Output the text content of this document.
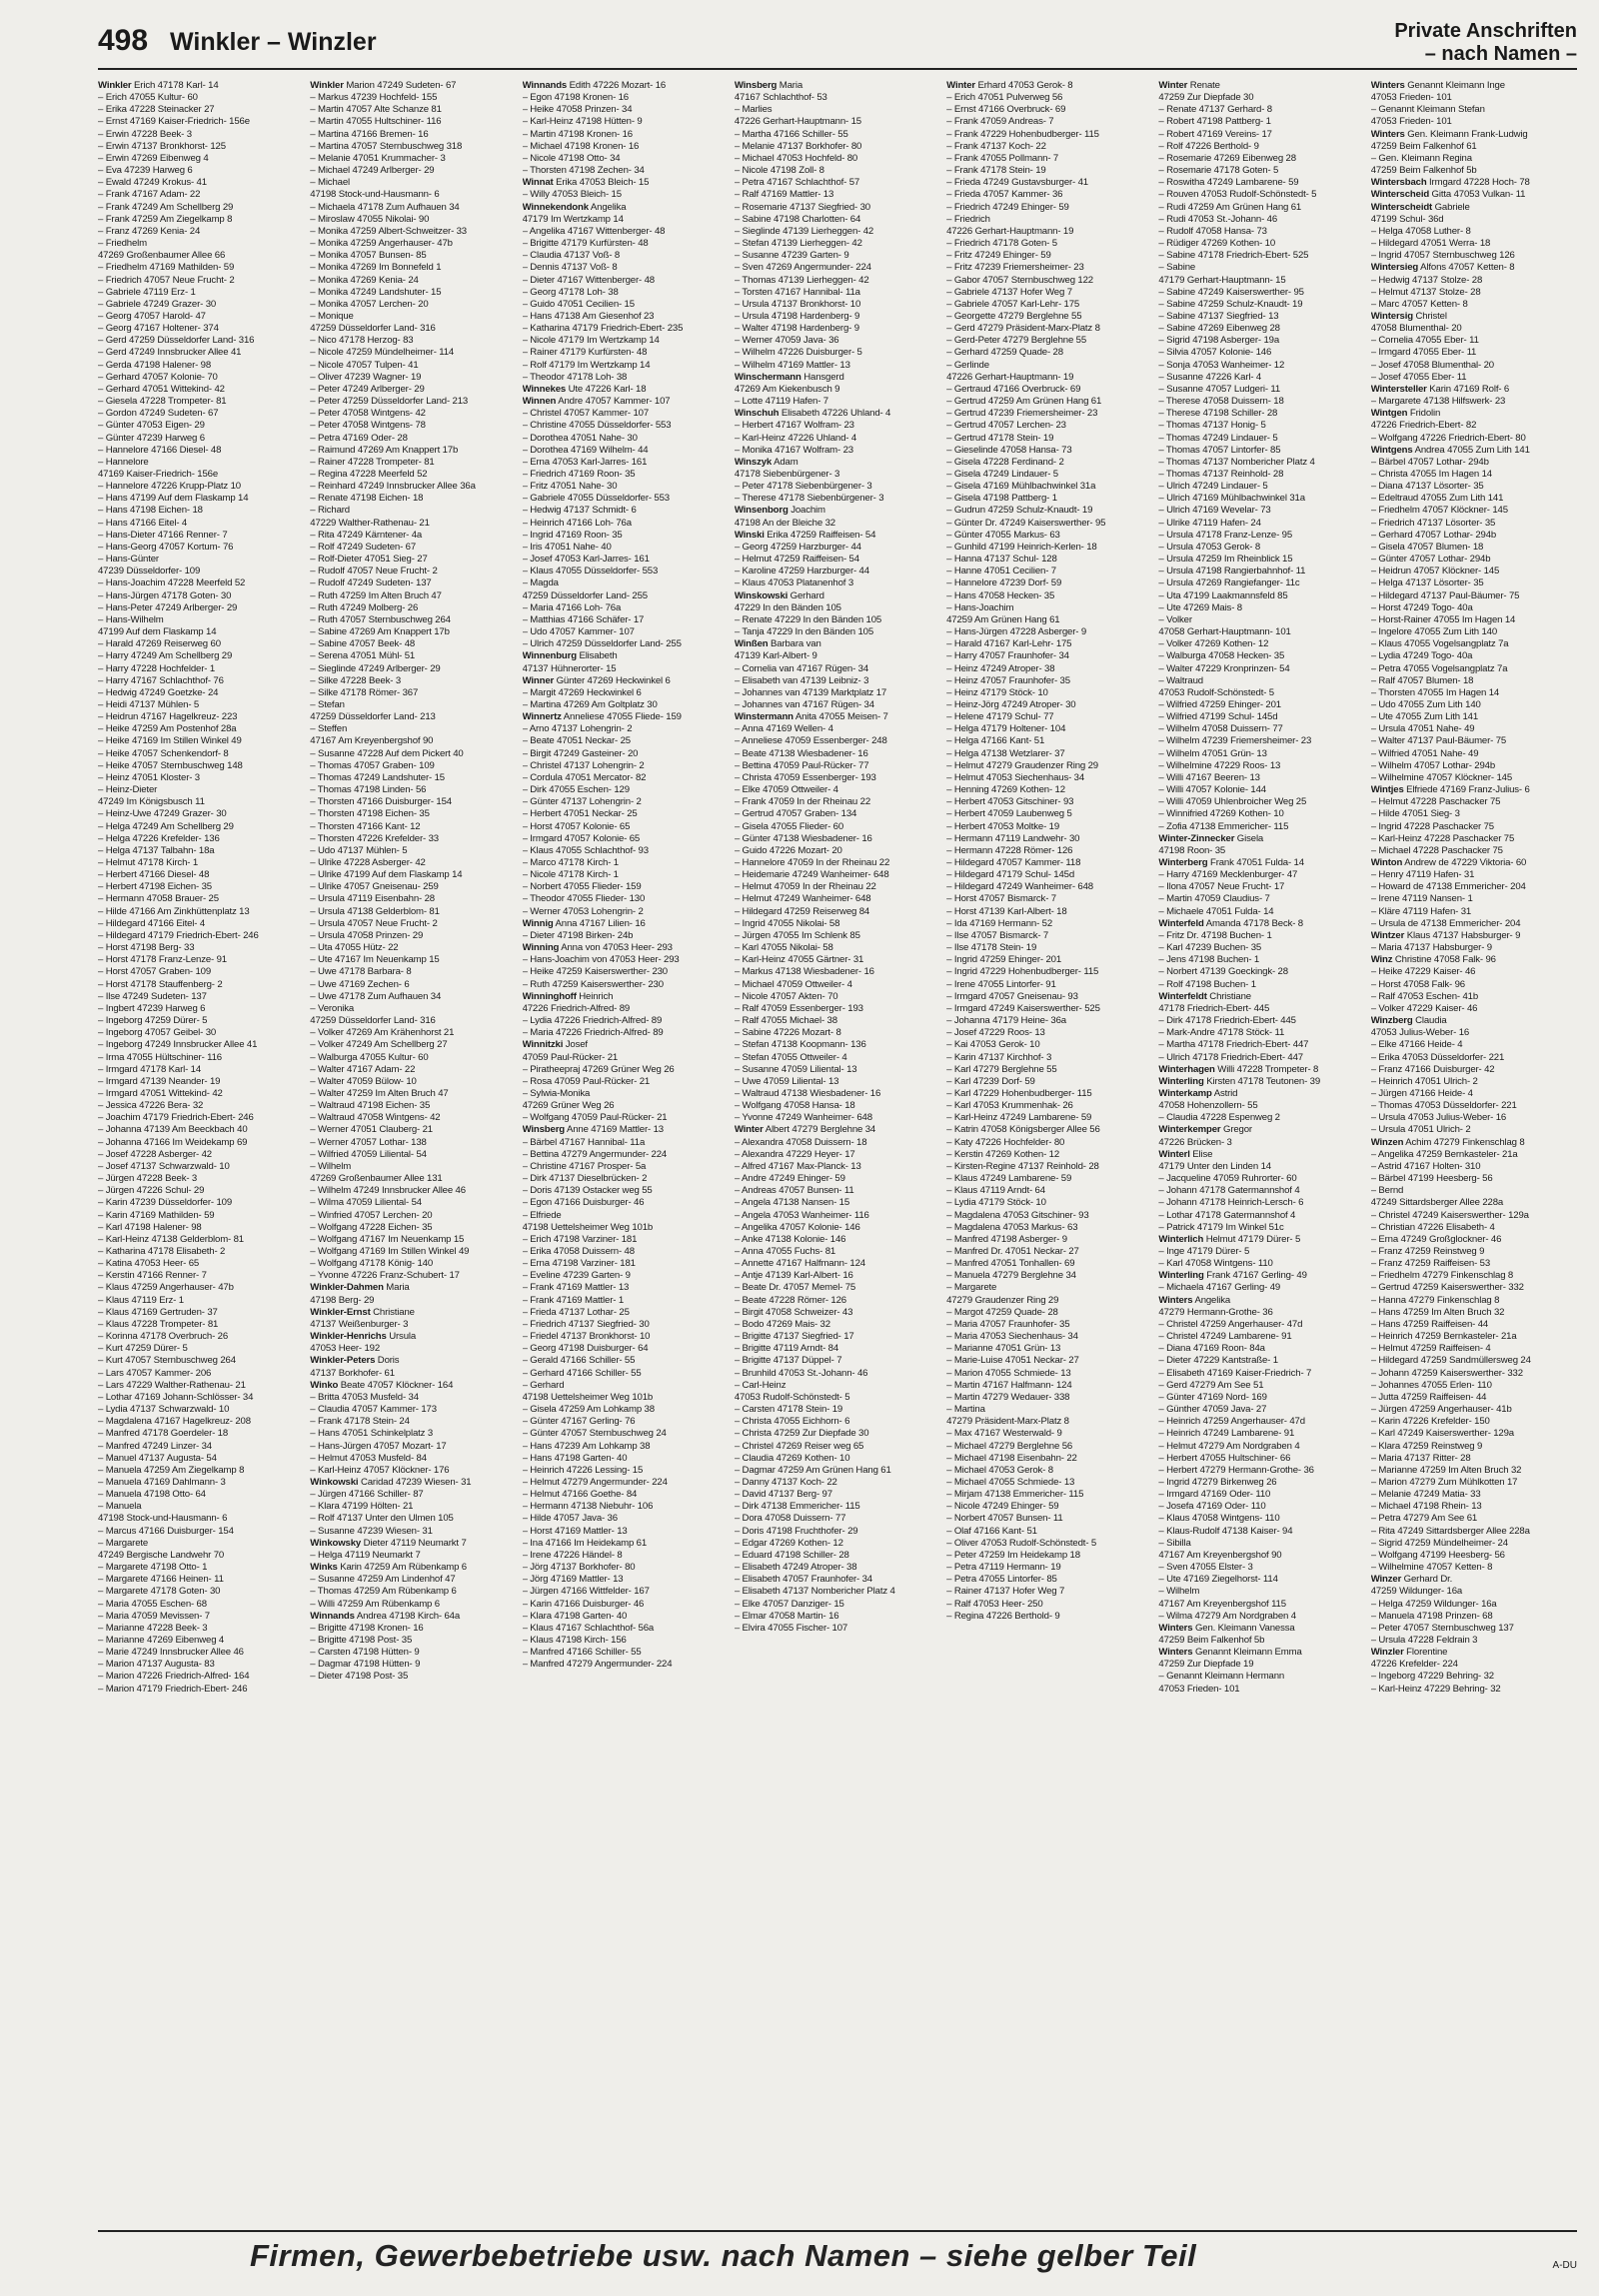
498 Winkler – Winzler	Private Anschriften
– nach Namen –
Winkler Erich 47178 Karl- 14
– Erich 47055 Kultur- 60
– Erika 47228 Steinacker 27
– Ernst 47169 Kaiser-Friedrich- 156e
– Erwin 47228 Beek- 3
– Erwin 47137 Bronkhorst- 125
– Erwin 47269 Eibenweg 4
– Eva 47239 Harweg 6
– Ewald 47249 Krokus- 41
– Frank 47167 Adam- 22
– Frank 47249 Am Schellberg 29
– Frank 47259 Am Ziegelkamp 8
– Franz 47269 Kenia- 24
– Friedhelm
47269 Großenbaumer Allee 66
– Friedhelm 47169 Mathilden- 59
– Friedrich 47057 Neue Frucht- 2
– Gabriele 47119 Erz- 1
– Gabriele 47249 Grazer- 30
– Georg 47057 Harold- 47
– Georg 47167 Holtener- 374
– Gerd 47259 Düsseldorfer Land- 316
– Gerd 47249 Innsbrucker Allee 41
– Gerda 47198 Halener- 98
– Gerhard 47057 Kolonie- 70
– Gerhard 47051 Wittekind- 42
– Giesela 47228 Trompeter- 81
– Gordon 47249 Sudeten- 67
– Günter 47053 Eigen- 29
– Günter 47239 Harweg 6
– Hannelore 47166 Diesel- 48
– Hannelore
47169 Kaiser-Friedrich- 156e
– Hannelore 47226 Krupp-Platz 10
– Hans 47199 Auf dem Flaskamp 14
– Hans 47198 Eichen- 18
– Hans 47166 Eitel- 4
– Hans-Dieter 47166 Renner- 7
– Hans-Georg 47057 Kortum- 76
– Hans-Günter
47239 Düsseldorfer- 109
– Hans-Joachim 47228 Meerfeld 52
– Hans-Jürgen 47178 Goten- 30
– Hans-Peter 47249 Arlberger- 29
– Hans-Wilhelm
47199 Auf dem Flaskamp 14
– Harald 47269 Reiserweg 60
– Harry 47249 Am Schellberg 29
– Harry 47228 Hochfelder- 1
– Harry 47167 Schlachthof- 76
– Hedwig 47249 Goetzke- 24
– Heidi 47137 Mühlen- 5
– Heidrun 47167 Hagelkreuz- 223
– Heike 47259 Am Postenhof 28a
– Heike 47169 Im Stillen Winkel 49
– Heike 47057 Schenkendorf- 8
– Heike 47057 Sternbuschweg 148
– Heinz 47051 Kloster- 3
– Heinz-Dieter
47249 Im Königsbusch 11
– Heinz-Uwe 47249 Grazer- 30
– Helga 47249 Am Schellberg 29
– Helga 47226 Krefelder- 136
– Helga 47137 Talbahn- 18a
– Helmut 47178 Kirch- 1
– Herbert 47166 Diesel- 48
– Herbert 47198 Eichen- 35
– Hermann 47058 Brauer- 25
– Hilde 47166 Am Zinkhüttenplatz 13
– Hildegard 47166 Eitel- 4
– Hildegard 47179 Friedrich-Ebert- 246
– Horst 47198 Berg- 33
– Horst 47178 Franz-Lenze- 91
– Horst 47057 Graben- 109
– Horst 47178 Stauffenberg- 2
– Ilse 47249 Sudeten- 137
– Ingbert 47239 Harweg 6
– Ingeborg 47259 Dürer- 5
– Ingeborg 47057 Geibel- 30
– Ingeborg 47249 Innsbrucker Allee 41
– Irma 47055 Hültschiner- 116
– Irmgard 47178 Karl- 14
– Irmgard 47139 Neander- 19
– Irmgard 47051 Wittekind- 42
– Jessica 47226 Bera- 32
– Joachim 47179 Friedrich-Ebert- 246
– Johanna 47139 Am Beeckbach 40
– Johanna 47166 Im Weidekamp 69
– Josef 47228 Asberger- 42
– Josef 47137 Schwarzwald- 10
– Jürgen 47228 Beek- 3
– Jürgen 47226 Schul- 29
– Karin 47239 Düsseldorfer- 109
– Karin 47169 Mathilden- 59
– Karl 47198 Halener- 98
– Karl-Heinz 47138 Gelderblom- 81
– Katharina 47178 Elisabeth- 2
– Katina 47053 Heer- 65
– Kerstin 47166 Renner- 7
– Klaus 47259 Angerhauser- 47b
– Klaus 47119 Erz- 1
– Klaus 47169 Gertruden- 37
– Klaus 47228 Trompeter- 81
– Korinna 47178 Overbruch- 26
– Kurt 47259 Dürer- 5
– Kurt 47057 Sternbuschweg 264
– Lars 47057 Kammer- 206
– Lars 47229 Walther-Rathenau- 21
– Lothar 47169 Johann-Schlösser- 34
– Lydia 47137 Schwarzwald- 10
– Magdalena 47167 Hagelkreuz- 208
– Manfred 47178 Goerdeler- 18
– Manfred 47249 Linzer- 34
– Manuel 47137 Augusta- 54
– Manuela 47259 Am Ziegelkamp 8
– Manuela 47169 Dahlmann- 3
– Manuela 47198 Otto- 64
– Manuela
47198 Stock-und-Hausmann- 6
– Marcus 47166 Duisburger- 154
– Margarete
47249 Bergische Landwehr 70
– Margarete 47198 Otto- 1
– Margarete 47166 Heinen- 11
– Margarete 47178 Goten- 30
– Maria 47055 Eschen- 68
– Maria 47059 Mevissen- 7
– Marianne 47228 Beek- 3
– Marianne 47269 Eibenweg 4
– Marie 47249 Innsbrucker Allee 46
– Marion 47137 Augusta- 83
– Marion 47226 Friedrich-Alfred- 164
– Marion 47179 Friedrich-Ebert- 246
Winkler Marion 47249 Sudeten- 67
– Markus 47239 Hochfeld- 155
– Martin 47057 Alte Schanze 81
– Martin 47055 Hultschiner- 116
– Martina 47166 Bremen- 16
– Martina 47057 Sternbuschweg 318
– Melanie 47051 Krummacher- 3
– Michael 47249 Arlberger- 29
– Michael
47198 Stock-und-Hausmann- 6
– Michaela 47178 Zum Aufhauen 34
– Miroslaw 47055 Nikolai- 90
– Monika 47259 Albert-Schweitzer- 33
– Monika 47259 Angerhauser- 47b
– Monika 47057 Bunsen- 85
– Monika 47269 Im Bonnefeld 1
– Monika 47269 Kenia- 24
– Monika 47249 Landshuter- 15
– Monika 47057 Lerchen- 20
– Monique
47259 Düsseldorfer Land- 316
– Nico 47178 Herzog- 83
– Nicole 47259 Mündelheimer- 114
– Nicole 47057 Tulpen- 41
– Oliver 47239 Wagner- 19
– Peter 47249 Arlberger- 29
– Peter 47259 Düsseldorfer Land- 213
– Peter 47058 Wintgens- 42
– Peter 47058 Wintgens- 78
– Petra 47169 Oder- 28
– Raimund 47269 Am Knappert 17b
– Rainer 47228 Trompeter- 81
– Regina 47228 Meerfeld 52
– Reinhard 47249 Innsbrucker Allee 36a
– Renate 47198 Eichen- 18
– Richard
47229 Walther-Rathenau- 21
– Rita 47249 Kärntener- 4a
– Rolf 47249 Sudeten- 67
– Rolf-Dieter 47051 Sieg- 27
– Rudolf 47057 Neue Frucht- 2
– Rudolf 47249 Sudeten- 137
– Ruth 47259 Im Alten Bruch 47
– Ruth 47249 Molberg- 26
– Ruth 47057 Sternbuschweg 264
– Sabine 47269 Am Knappert 17b
– Sabine 47057 Beek- 48
– Serena 47051 Mühl- 51
– Sieglinde 47249 Arlberger- 29
– Silke 47228 Beek- 3
– Silke 47178 Römer- 367
– Stefan
47259 Düsseldorfer Land- 213
– Steffen
47167 Am Kreyenbergshof 90
– Susanne 47228 Auf dem Pickert 40
– Thomas 47057 Graben- 109
– Thomas 47249 Landshuter- 15
– Thomas 47198 Linden- 56
– Thorsten 47166 Duisburger- 154
– Thorsten 47198 Eichen- 35
– Thorsten 47166 Kant- 12
– Thorsten 47226 Krefelder- 33
– Udo 47137 Mühlen- 5
– Ulrike 47228 Asberger- 42
– Ulrike 47199 Auf dem Flaskamp 14
– Ulrike 47057 Gneisenau- 259
– Ursula 47119 Eisenbahn- 28
– Ursula 47138 Gelderblom- 81
– Ursula 47057 Neue Frucht- 2
– Ursula 47058 Prinzen- 29
– Uta 47055 Hütz- 22
– Ute 47167 Im Neuenkamp 15
– Uwe 47178 Barbara- 8
– Uwe 47169 Zechen- 6
– Uwe 47178 Zum Aufhauen 34
– Veronika
47259 Düsseldorfer Land- 316
– Volker 47269 Am Krähenhorst 21
– Volker 47249 Am Schellberg 27
– Walburga 47055 Kultur- 60
– Walter 47167 Adam- 22
– Walter 47059 Bülow- 10
– Walter 47259 Im Alten Bruch 47
– Waltraud 47198 Eichen- 35
– Waltraud 47058 Wintgens- 42
– Werner 47051 Clauberg- 21
– Werner 47057 Lothar- 138
– Wilfried 47059 Liliental- 54
– Wilhelm
47269 Großenbaumer Allee 131
– Wilhelm 47249 Innsbrucker Allee 46
– Wilma 47059 Liliental- 54
– Winfried 47057 Lerchen- 20
– Wolfgang 47228 Eichen- 35
– Wolfgang 47167 Im Neuenkamp 15
– Wolfgang 47169 Im Stillen Winkel 49
– Wolfgang 47178 König- 140
– Yvonne 47226 Franz-Schubert- 17
Winkler-Dahmen Maria
47198 Berg- 29
Winkler-Ernst Christiane
47137 Weißenburger- 3
Winkler-Henrichs Ursula
47053 Heer- 192
Winkler-Peters Doris
47137 Borkhofer- 61
Winko Beate 47057 Klöckner- 164
– Britta 47053 Musfeld- 34
– Claudia 47057 Kammer- 173
– Frank 47178 Stein- 24
– Hans 47051 Schinkelplatz 3
– Hans-Jürgen 47057 Mozart- 17
– Helmut 47053 Musfeld- 84
– Karl-Heinz 47057 Klöckner- 176
Winkowski Caridad 47239 Wiesen- 31
– Jürgen 47166 Schiller- 87
– Klara 47199 Hölten- 21
– Rolf 47137 Unter den Ulmen 105
– Susanne 47239 Wiesen- 31
Winkowsky Dieter 47119 Neumarkt 7
– Helga 47119 Neumarkt 7
Winks Karin 47259 Am Rübenkamp 6
– Susanne 47259 Am Lindenhof 47
– Thomas 47259 Am Rübenkamp 6
– Willi 47259 Am Rübenkamp 6
Winnands Andrea 47198 Kirch- 64a
– Brigitte 47198 Kronen- 16
– Brigitte 47198 Post- 35
– Carsten 47198 Hütten- 9
– Dagmar 47198 Hütten- 9
– Dieter 47198 Post- 35
Winnands Edith 47226 Mozart- 16
– Egon 47198 Kronen- 16
– Heike 47058 Prinzen- 34
– Karl-Heinz 47198 Hütten- 9
– Martin 47198 Kronen- 16
– Michael 47198 Kronen- 16
– Nicole 47198 Otto- 34
– Thorsten 47198 Zechen- 34
Winnat Erika 47053 Bleich- 15
– Willy 47053 Bleich- 15
Winnekendonk Angelika
47179 Im Wertzkamp 14
– Angelika 47167 Wittenberger- 48
– Brigitte 47179 Kurfürsten- 48
– Claudia 47137 Voß- 8
– Dennis 47137 Voß- 8
– Dieter 47167 Wittenberger- 48
– Georg 47178 Loh- 38
– Guido 47051 Cecilien- 15
– Hans 47138 Am Giesenhof 23
– Katharina 47179 Friedrich-Ebert- 235
– Nicole 47179 Im Wertzkamp 14
– Rainer 47179 Kurfürsten- 48
– Rolf 47179 Im Wertzkamp 14
– Theodor 47178 Loh- 38
Winnekes Ute 47226 Karl- 18
Winnen Andre 47057 Kammer- 107
– Christel 47057 Kammer- 107
– Christine 47055 Düsseldorfer- 553
– Dorothea 47051 Nahe- 30
– Dorothea 47169 Wilhelm- 44
– Erna 47053 Karl-Jarres- 161
– Friedrich 47169 Roon- 35
– Fritz 47051 Nahe- 30
– Gabriele 47055 Düsseldorfer- 553
– Hedwig 47137 Schmidt- 6
– Heinrich 47166 Loh- 76a
– Ingrid 47169 Roon- 35
– Iris 47051 Nahe- 40
– Josef 47053 Karl-Jarres- 161
– Klaus 47055 Düsseldorfer- 553
– Magda
47259 Düsseldorfer Land- 255
– Maria 47166 Loh- 76a
– Matthias 47166 Schäfer- 17
– Udo 47057 Kammer- 107
– Ulrich 47259 Düsseldorfer Land- 255
Winnenburg Elisabeth
47137 Hühnerorter- 15
Winner Günter 47269 Heckwinkel 6
– Margit 47269 Heckwinkel 6
– Martina 47269 Am Goltplatz 30
Winnertz Anneliese 47055 Fliede- 159
– Arno 47137 Lohengrin- 2
– Beate 47051 Neckar- 25
– Birgit 47249 Gasteiner- 20
– Christel 47137 Lohengrin- 2
– Cordula 47051 Mercator- 82
– Dirk 47055 Eschen- 129
– Günter 47137 Lohengrin- 2
– Herbert 47051 Neckar- 25
– Horst 47057 Kolonie- 65
– Irmgard 47057 Kolonie- 65
– Klaus 47055 Schlachthof- 93
– Marco 47178 Kirch- 1
– Nicole 47178 Kirch- 1
– Norbert 47055 Flieder- 159
– Theodor 47055 Flieder- 130
– Werner 47053 Lohengrin- 2
Winnig Anna 47167 Lilien- 16
– Dieter 47198 Birken- 24b
Winning Anna von 47053 Heer- 293
– Hans-Joachim von 47053 Heer- 293
– Heike 47259 Kaiserswerther- 230
– Ruth 47259 Kaiserswerther- 230
Winninghoff Heinrich
47226 Friedrich-Alfred- 89
– Lydia 47226 Friedrich-Alfred- 89
– Maria 47226 Friedrich-Alfred- 89
Winnitzki Josef
47059 Paul-Rücker- 21
– Piratheepraj 47269 Grüner Weg 26
– Rosa 47059 Paul-Rücker- 21
– Sylwia-Monika
47269 Grüner Weg 26
– Wolfgang 47059 Paul-Rücker- 21
Winsberg Anne 47169 Mattler- 13
– Bärbel 47167 Hannibal- 11a
– Bettina 47279 Angermunder- 224
– Christine 47167 Prosper- 5a
– Dirk 47137 Dieselbrücken- 2
– Doris 47139 Ostacker weg 55
– Egon 47166 Duisburger- 46
– Elfriede
47198 Uettelsheimer Weg 101b
– Erich 47198 Varziner- 181
– Erika 47058 Duissern- 48
– Erna 47198 Varziner- 181
– Eveline 47239 Garten- 9
– Frank 47169 Mattler- 13
– Frank 47169 Mattler- 1
– Frieda 47137 Lothar- 25
– Friedrich 47137 Siegfried- 30
– Friedel 47137 Bronkhorst- 10
– Georg 47198 Duisburger- 64
– Gerald 47166 Schiller- 55
– Gerhard 47166 Schiller- 55
– Gerhard
47198 Uettelsheimer Weg 101b
– Gisela 47259 Am Lohkamp 38
– Günter 47167 Gerling- 76
– Günter 47057 Sternbuschweg 24
– Hans 47239 Am Lohkamp 38
– Hans 47198 Garten- 40
– Heinrich 47226 Lessing- 15
– Helmut 47279 Angermunder- 224
– Helmut 47166 Goethe- 84
– Hermann 47138 Niebuhr- 106
– Hilde 47057 Java- 36
– Horst 47169 Mattler- 13
– Ina 47166 Im Heidekamp 61
– Irene 47226 Händel- 8
– Jörg 47137 Borkhofer- 80
– Jörg 47169 Mattler- 13
– Jürgen 47166 Wittfelder- 167
– Karin 47166 Duisburger- 46
– Klara 47198 Garten- 40
– Klaus 47167 Schlachthof- 56a
– Klaus 47198 Kirch- 156
– Manfred 47166 Schiller- 55
– Manfred 47279 Angermunder- 224
Winsberg Maria
47167 Schlachthof- 53
– Marlies
47226 Gerhart-Hauptmann- 15
– Martha 47166 Schiller- 55
– Melanie 47137 Borkhofer- 80
– Michael 47053 Hochfeld- 80
– Nicole 47198 Zoll- 8
– Petra 47167 Schlachthof- 57
– Ralf 47169 Mattler- 13
– Rosemarie 47137 Siegfried- 30
– Sabine 47198 Charlotten- 64
– Sieglinde 47139 Lierheggen- 42
– Stefan 47139 Lierheggen- 42
– Susanne 47239 Garten- 9
– Sven 47269 Angermunder- 224
– Thomas 47139 Lierheggen- 42
– Torsten 47167 Hannibal- 11a
– Ursula 47137 Bronkhorst- 10
– Ursula 47198 Hardenberg- 9
– Walter 47198 Hardenberg- 9
– Werner 47059 Java- 36
– Wilhelm 47226 Duisburger- 5
– Wilhelm 47169 Mattler- 13
Winschermann Hansgerd
47269 Am Kiekenbusch 9
– Lotte 47119 Hafen- 7
Winschuh Elisabeth 47226 Uhland- 4
– Herbert 47167 Wolfram- 23
– Karl-Heinz 47226 Uhland- 4
– Monika 47167 Wolfram- 23
Winszyk Adam
47178 Siebenbürgener- 3
– Peter 47178 Siebenbürgener- 3
– Therese 47178 Siebenbürgener- 3
Winsenborg Joachim
47198 An der Bleiche 32
Winski Erika 47259 Raiffeisen- 54
– Georg 47259 Harzburger- 44
– Helmut 47259 Raiffeisen- 54
– Karoline 47259 Harzburger- 44
– Klaus 47053 Platanenhof 3
Winskowski Gerhard
47229 In den Bänden 105
– Renate 47229 In den Bänden 105
– Tanja 47229 In den Bänden 105
Winßen Barbara van
47139 Karl-Albert- 9
– Cornelia van 47167 Rügen- 34
– Elisabeth van 47139 Leibniz- 3
– Johannes van 47139 Marktplatz 17
– Johannes van 47167 Rügen- 34
Winstermann Anita 47055 Meisen- 7
– Anna 47169 Wellen- 4
– Anneliese 47059 Essenberger- 248
– Beate 47138 Wiesbadener- 16
– Bettina 47059 Paul-Rücker- 77
– Christa 47059 Essenberger- 193
– Elke 47059 Ottweiler- 4
– Frank 47059 In der Rheinau 22
– Gertrud 47057 Graben- 134
– Gisela 47055 Flieder- 60
– Günter 47138 Wiesbadener- 16
– Guido 47226 Mozart- 20
– Hannelore 47059 In der Rheinau 22
– Heidemarie 47249 Wanheimer- 648
– Helmut 47059 In der Rheinau 22
– Helmut 47249 Wanheimer- 648
– Hildegard 47259 Reiserweg 84
– Ingrid 47055 Nikolai- 58
– Jürgen 47055 Im Schlenk 85
– Karl 47055 Nikolai- 58
– Karl-Heinz 47055 Gärtner- 31
– Markus 47138 Wiesbadener- 16
– Michael 47059 Ottweiler- 4
– Nicole 47057 Akten- 70
– Ralf 47059 Essenberger- 193
– Ralf 47055 Michael- 38
– Sabine 47226 Mozart- 8
– Stefan 47138 Koopmann- 136
– Stefan 47055 Ottweiler- 4
– Susanne 47059 Liliental- 13
– Uwe 47059 Liliental- 13
– Waltraud 47138 Wiesbadener- 16
– Wolfgang 47058 Hansa- 18
– Yvonne 47249 Wanheimer- 648
Winter Albert 47279 Berglehne 34
– Alexandra 47058 Duissern- 18
– Alexandra 47229 Heyer- 17
– Alfred 47167 Max-Planck- 13
– Andre 47249 Ehinger- 59
– Andreas 47057 Bunsen- 11
– Angela 47138 Nansen- 15
– Angela 47053 Wanheimer- 116
– Angelika 47057 Kolonie- 146
– Anke 47138 Kolonie- 146
– Anna 47055 Fuchs- 81
– Annette 47167 Halfmann- 124
– Antje 47139 Karl-Albert- 16
– Beate Dr. 47057 Memel- 75
– Beate 47228 Römer- 126
– Birgit 47058 Schweizer- 43
– Bodo 47269 Mais- 32
– Brigitte 47137 Siegfried- 17
– Brigitte 47119 Arndt- 84
– Brigitte 47137 Düppel- 7
– Brunhild 47053 St.-Johann- 46
– Carl-Heinz
47053 Rudolf-Schönstedt- 5
– Carsten 47178 Stein- 19
– Christa 47055 Eichhorn- 6
– Christa 47259 Zur Diepfade 30
– Christel 47269 Reiser weg 65
– Claudia 47269 Kothen- 10
– Dagmar 47259 Am Grünen Hang 61
– Danny 47137 Koch- 22
– David 47137 Berg- 97
– Dirk 47138 Emmericher- 115
– Dora 47058 Duissern- 77
– Doris 47198 Fruchthofer- 29
– Edgar 47269 Kothen- 12
– Eduard 47198 Schiller- 28
– Elisabeth 47249 Atroper- 38
– Elisabeth 47057 Fraunhofer- 34
– Elisabeth 47137 Nombericher Platz 4
– Elke 47057 Danziger- 15
– Elmar 47058 Martin- 16
– Elvira 47055 Fischer- 107
Winter Erhard 47053 Gerok- 8
– Erich 47051 Pulverweg 56
– Ernst 47166 Overbruck- 69
– Frank 47059 Andreas- 7
– Frank 47229 Hohenbudberger- 115
– Frank 47137 Koch- 22
– Frank 47055 Pollmann- 7
– Frank 47178 Stein- 19
– Frieda 47249 Gustavsburger- 41
– Frieda 47057 Kammer- 36
– Friedrich 47249 Ehinger- 59
– Friedrich
47226 Gerhart-Hauptmann- 19
– Friedrich 47178 Goten- 5
– Fritz 47249 Ehinger- 59
– Fritz 47239 Friemersheimer- 23
– Gabor 47057 Sternbuschweg 122
– Gabriele 47137 Hofer Weg 7
– Gabriele 47057 Karl-Lehr- 175
– Georgette 47279 Berglehne 55
– Gerd 47279 Präsident-Marx-Platz 8
– Gerd-Peter 47279 Berglehne 55
– Gerhard 47259 Quade- 28
– Gerlinde
47226 Gerhart-Hauptmann- 19
– Gertraud 47166 Overbruck- 69
– Gertrud 47259 Am Grünen Hang 61
– Gertrud 47239 Friemersheimer- 23
– Gertrud 47057 Lerchen- 23
– Gertrud 47178 Stein- 19
– Gieselinde 47058 Hansa- 73
– Gisela 47228 Ferdinand- 2
– Gisela 47249 Lindauer- 5
– Gisela 47169 Mühlbachwinkel 31a
– Gisela 47198 Pattberg- 1
– Gudrun 47259 Schulz-Knaudt- 19
– Günter Dr. 47249 Kaiserswerther- 95
– Günter 47055 Markus- 63
– Gunhild 47199 Heinrich-Kerlen- 18
– Hanna 47137 Schul- 128
– Hanne 47051 Cecilien- 7
– Hannelore 47239 Dorf- 59
– Hans 47058 Hecken- 35
– Hans-Joachim
47259 Am Grünen Hang 61
– Hans-Jürgen 47228 Asberger- 9
– Harald 47167 Karl-Lehr- 175
– Harry 47057 Fraunhofer- 34
– Heinz 47249 Atroper- 38
– Heinz 47057 Fraunhofer- 35
– Heinz 47179 Stöck- 10
– Heinz-Jörg 47249 Atroper- 30
– Helene 47179 Schul- 77
– Helga 47179 Holtener- 104
– Helga 47166 Kant- 51
– Helga 47138 Wetzlarer- 37
– Helmut 47279 Graudenzer Ring 29
– Helmut 47053 Siechenhaus- 34
– Henning 47269 Kothen- 12
– Herbert 47053 Gitschiner- 93
– Herbert 47059 Laubenweg 5
– Herbert 47053 Moltke- 19
– Hermann 47119 Landwehr- 30
– Hermann 47228 Römer- 126
– Hildegard 47057 Kammer- 118
– Hildegard 47179 Schul- 145d
– Hildegard 47249 Wanheimer- 648
– Horst 47057 Bismarck- 7
– Horst 47139 Karl-Albert- 18
– Ida 47169 Hermann- 52
– Ilse 47057 Bismarck- 7
– Ilse 47178 Stein- 19
– Ingrid 47259 Ehinger- 201
– Ingrid 47229 Hohenbudberger- 115
– Irene 47055 Lintorfer- 91
– Irmgard 47057 Gneisenau- 93
– Irmgard 47249 Kaiserswerther- 525
– Johanna 47179 Heine- 36a
– Josef 47229 Roos- 13
– Kai 47053 Gerok- 10
– Karin 47137 Kirchhof- 3
– Karl 47279 Berglehne 55
– Karl 47239 Dorf- 59
– Karl 47229 Hohenbudberger- 115
– Karl 47053 Krummenhak- 26
– Karl-Heinz 47249 Lambarene- 59
– Katrin 47058 Königsberger Allee 56
– Katy 47226 Hochfelder- 80
– Kerstin 47269 Kothen- 12
– Kirsten-Regine 47137 Reinhold- 28
– Klaus 47249 Lambarene- 59
– Klaus 47119 Arndt- 64
– Lydia 47179 Stöck- 10
– Magdalena 47053 Gitschiner- 93
– Magdalena 47053 Markus- 63
– Manfred 47198 Asberger- 9
– Manfred Dr. 47051 Neckar- 27
– Manfred 47051 Tonhallen- 69
– Manuela 47279 Berglehne 34
– Margarete
47279 Graudenzer Ring 29
– Margot 47259 Quade- 28
– Maria 47057 Fraunhofer- 35
– Maria 47053 Siechenhaus- 34
– Marianne 47051 Grün- 13
– Marie-Luise 47051 Neckar- 27
– Marion 47055 Schmiede- 13
– Martin 47167 Halfmann- 124
– Martin 47279 Wedauer- 338
– Martina
47279 Präsident-Marx-Platz 8
– Max 47167 Westerwald- 9
– Michael 47279 Berglehne 56
– Michael 47198 Eisenbahn- 22
– Michael 47053 Gerok- 8
– Michael 47055 Schmiede- 13
– Mirjam 47138 Emmericher- 115
– Nicole 47249 Ehinger- 59
– Norbert 47057 Bunsen- 11
– Olaf 47166 Kant- 51
– Oliver 47053 Rudolf-Schönstedt- 5
– Peter 47259 Im Heidekamp 18
– Petra 47119 Hermann- 19
– Petra 47055 Lintorfer- 85
– Rainer 47137 Hofer Weg 7
– Ralf 47053 Heer- 250
– Regina 47226 Berthold- 9
Winter Renate
47259 Zur Diepfade 30
– Renate 47137 Gerhard- 8
– Robert 47198 Pattberg- 1
– Robert 47169 Vereins- 17
– Rolf 47226 Berthold- 9
– Rosemarie 47269 Eibenweg 28
– Rosemarie 47178 Goten- 5
– Roswitha 47249 Lambarene- 59
– Rouven 47053 Rudolf-Schönstedt- 5
– Rudi 47259 Am Grünen Hang 61
– Rudi 47053 St.-Johann- 46
– Rudolf 47058 Hansa- 73
– Rüdiger 47269 Kothen- 10
– Sabine 47178 Friedrich-Ebert- 525
– Sabine
47179 Gerhart-Hauptmann- 15
– Sabine 47249 Kaiserswerther- 95
– Sabine 47259 Schulz-Knaudt- 19
– Sabine 47137 Siegfried- 13
– Sabine 47269 Eibenweg 28
– Sigrid 47198 Asberger- 19a
– Silvia 47057 Kolonie- 146
– Sonja 47053 Wanheimer- 12
– Susanne 47226 Karl- 4
– Susanne 47057 Ludgeri- 11
– Therese 47058 Duissern- 18
– Therese 47198 Schiller- 28
– Thomas 47137 Honig- 5
– Thomas 47249 Lindauer- 5
– Thomas 47057 Lintorfer- 85
– Thomas 47137 Nombericher Platz 4
– Thomas 47137 Reinhold- 28
– Ulrich 47249 Lindauer- 5
– Ulrich 47169 Mühlbachwinkel 31a
– Ulrich 47169 Wevelar- 73
– Ulrike 47119 Hafen- 24
– Ursula 47178 Franz-Lenze- 95
– Ursula 47053 Gerok- 8
– Ursula 47259 Im Rheinblick 15
– Ursula 47198 Rangierbahnhof- 11
– Ursula 47269 Rangiefanger- 11c
– Uta 47199 Laakmannsfeld 85
– Ute 47269 Mais- 8
– Volker
47058 Gerhart-Hauptmann- 101
– Volker 47269 Kothen- 12
– Walburga 47058 Hecken- 35
– Walter 47229 Kronprinzen- 54
– Waltraud
47053 Rudolf-Schönstedt- 5
– Wilfried 47259 Ehinger- 201
– Wilfried 47199 Schul- 145d
– Wilhelm 47058 Duissern- 77
– Wilhelm 47239 Friemersheimer- 23
– Wilhelm 47051 Grün- 13
– Wilhelmine 47229 Roos- 13
– Willi 47167 Beeren- 13
– Willi 47057 Kolonie- 144
– Willi 47059 Uhlenbroicher Weg 25
– Winnifried 47269 Kothen- 10
– Zofia 47138 Emmericher- 115
Winter-Zinnecker Gisela
47198 Roon- 35
Winterberg Frank 47051 Fulda- 14
– Harry 47169 Mecklenburger- 47
– Ilona 47057 Neue Frucht- 17
– Martin 47059 Claudius- 7
– Michaele 47051 Fulda- 14
Winterfeld Amanda 47178 Beck- 8
– Fritz Dr. 47198 Buchen- 1
– Karl 47239 Buchen- 35
– Jens 47198 Buchen- 1
– Norbert 47139 Goeckingk- 28
– Rolf 47198 Buchen- 1
Winterfeldt Christiane
47178 Friedrich-Ebert- 445
– Dirk 47178 Friedrich-Ebert- 445
– Mark-Andre 47178 Stöck- 11
– Martha 47178 Friedrich-Ebert- 447
– Ulrich 47178 Friedrich-Ebert- 447
Winterhagen Willi 47228 Trompeter- 8
Winterling Kirsten 47178 Teutonen- 39
Winterkamp Astrid
47058 Hohenzollern- 55
– Claudia 47228 Espenweg 2
Winterkemper Gregor
47226 Brücken- 3
Winterl Elise
47179 Unter den Linden 14
– Jacqueline 47059 Ruhrorter- 60
– Johann 47178 Gatermannshof 4
– Johann 47178 Heinrich-Lersch- 6
– Lothar 47178 Gatermannshof 4
– Patrick 47179 Im Winkel 51c
Winterlich Helmut 47179 Dürer- 5
– Inge 47179 Dürer- 5
– Karl 47058 Wintgens- 110
Winterling Frank 47167 Gerling- 49
– Michaela 47167 Gerling- 49
Winters Angelika
47279 Hermann-Grothe- 36
– Christel 47259 Angerhauser- 47d
– Christel 47249 Lambarene- 91
– Diana 47169 Roon- 84a
– Dieter 47229 Kantstraße- 1
– Elisabeth 47169 Kaiser-Friedrich- 7
– Gerd 47279 Am See 51
– Günter 47169 Nord- 169
– Günther 47059 Java- 27
– Heinrich 47259 Angerhauser- 47d
– Heinrich 47249 Lambarene- 91
– Helmut 47279 Am Nordgraben 4
– Herbert 47055 Hultschiner- 66
– Herbert 47279 Hermann-Grothe- 36
– Ingrid 47279 Birkenweg 26
– Irmgard 47169 Oder- 110
– Josefa 47169 Oder- 110
– Klaus 47058 Wintgens- 110
– Klaus-Rudolf 47138 Kaiser- 94
– Sibilla
47167 Am Kreyenbergshof 90
– Sven 47055 Elster- 3
– Ute 47169 Ziegelhorst- 114
– Wilhelm
47167 Am Kreyenbergshof 115
– Wilma 47279 Am Nordgraben 4
Winters Gen. Kleimann Vanessa
47259 Beim Falkenhof 5b
Winters Genannt Kleimann Emma
47259 Zur Diepfade 19
– Genannt Kleimann Hermann
47053 Frieden- 101
Winters Genannt Kleimann Inge
47053 Frieden- 101
– Genannt Kleimann Stefan
47053 Frieden- 101
Winters Gen. Kleimann Frank-Ludwig
47259 Beim Falkenhof 61
– Gen. Kleimann Regina
47259 Beim Falkenhof 5b
Wintersbach Irmgard 47228 Hoch- 78
Winterscheid Gitta 47053 Vulkan- 11
Winterscheidt Gabriele
47199 Schul- 36d
– Helga 47058 Luther- 8
– Hildegard 47051 Werra- 18
– Ingrid 47057 Sternbuschweg 126
Wintersieg Alfons 47057 Ketten- 8
– Hedwig 47137 Stolze- 28
– Helmut 47137 Stolze- 28
– Marc 47057 Ketten- 8
Wintersig Christel
47058 Blumenthal- 20
– Cornelia 47055 Eber- 11
– Irmgard 47055 Eber- 11
– Josef 47058 Blumenthal- 20
– Josef 47055 Eber- 11
Wintersteller Karin 47169 Rolf- 6
– Margarete 47138 Hilfswerk- 23
Wintgen Fridolin
47226 Friedrich-Ebert- 82
– Wolfgang 47226 Friedrich-Ebert- 80
Wintgens Andrea 47055 Zum Lith 141
– Bärbel 47057 Lothar- 294b
– Christa 47055 Im Hagen 14
– Diana 47137 Lösorter- 35
– Edeltraud 47055 Zum Lith 141
– Friedhelm 47057 Klöckner- 145
– Friedrich 47137 Lösorter- 35
– Gerhard 47057 Lothar- 294b
– Gisela 47057 Blumen- 18
– Günter 47057 Lothar- 294b
– Heidrun 47057 Klöckner- 145
– Helga 47137 Lösorter- 35
– Hildegard 47137 Paul-Bäumer- 75
– Horst 47249 Togo- 40a
– Horst-Rainer 47055 Im Hagen 14
– Ingelore 47055 Zum Lith 140
– Klaus 47055 Vogelsangplatz 7a
– Lydia 47249 Togo- 40a
– Petra 47055 Vogelsangplatz 7a
– Ralf 47057 Blumen- 18
– Thorsten 47055 Im Hagen 14
– Udo 47055 Zum Lith 140
– Ute 47055 Zum Lith 141
– Ursula 47051 Nahe- 49
– Walter 47137 Paul-Bäumer- 75
– Wilfried 47051 Nahe- 49
– Wilhelm 47057 Lothar- 294b
– Wilhelmine 47057 Klöckner- 145
Wintjes Elfriede 47169 Franz-Julius- 6
– Helmut 47228 Paschacker 75
– Hilde 47051 Sieg- 3
– Ingrid 47228 Paschacker 75
– Karl-Heinz 47228 Paschacker 75
– Michael 47228 Paschacker 75
Winton Andrew de 47229 Viktoria- 60
– Henry 47119 Hafen- 31
– Howard de 47138 Emmericher- 204
– Irene 47119 Nansen- 1
– Kläre 47119 Hafen- 31
– Ursula de 47138 Emmericher- 204
Wintzer Klaus 47137 Habsburger- 9
– Maria 47137 Habsburger- 9
Winz Christine 47058 Falk- 96
– Heike 47229 Kaiser- 46
– Horst 47058 Falk- 96
– Ralf 47053 Eschen- 41b
– Volker 47229 Kaiser- 46
Winzberg Claudia
47053 Julius-Weber- 16
– Elke 47166 Heide- 4
– Erika 47053 Düsseldorfer- 221
– Franz 47166 Duisburger- 42
– Heinrich 47051 Ulrich- 2
– Jürgen 47166 Heide- 4
– Thomas 47053 Düsseldorfer- 221
– Ursula 47053 Julius-Weber- 16
– Ursula 47051 Ulrich- 2
Winzen Achim 47279 Finkenschlag 8
– Angelika 47259 Bernkasteler- 21a
– Astrid 47167 Holten- 310
– Bärbel 47199 Heesberg- 56
– Bernd
47249 Sittardsberger Allee 228a
– Christel 47249 Kaiserswerther- 129a
– Christian 47226 Elisabeth- 4
– Erna 47249 Großglockner- 46
– Franz 47259 Reinstweg 9
– Franz 47259 Raiffeisen- 53
– Friedhelm 47279 Finkenschlag 8
– Gertrud 47259 Kaiserswerther- 332
– Hanna 47279 Finkenschlag 8
– Hans 47259 Im Alten Bruch 32
– Hans 47259 Raiffeisen- 44
– Heinrich 47259 Bernkasteler- 21a
– Helmut 47259 Raiffeisen- 4
– Hildegard 47259 Sandmüllersweg 24
– Johann 47259 Kaiserswerther- 332
– Johannes 47055 Erlen- 110
– Jutta 47259 Raiffeisen- 44
– Jürgen 47259 Angerhauser- 41b
– Karin 47226 Krefelder- 150
– Karl 47249 Kaiserswerther- 129a
– Klara 47259 Reinstweg 9
– Maria 47137 Ritter- 28
– Marianne 47259 Im Alten Bruch 32
– Marion 47279 Zum Mühlkotten 17
– Melanie 47249 Matia- 33
– Michael 47198 Rhein- 13
– Petra 47279 Am See 61
– Rita 47249 Sittardsberger Allee 228a
– Sigrid 47259 Mündelheimer- 24
– Wolfgang 47199 Heesberg- 56
– Wilhelmine 47057 Ketten- 8
Winzer Gerhard Dr.
47259 Wildunger- 16a
– Helga 47259 Wildunger- 16a
– Manuela 47198 Prinzen- 68
– Peter 47057 Sternbuschweg 137
– Ursula 47228 Feldrain 3
Winzler Florentine
47226 Krefelder- 224
– Ingeborg 47229 Behring- 32
– Karl-Heinz 47229 Behring- 32
Firmen, Gewerbebetriebe usw. nach Namen – siehe gelber Teil	A-DU
